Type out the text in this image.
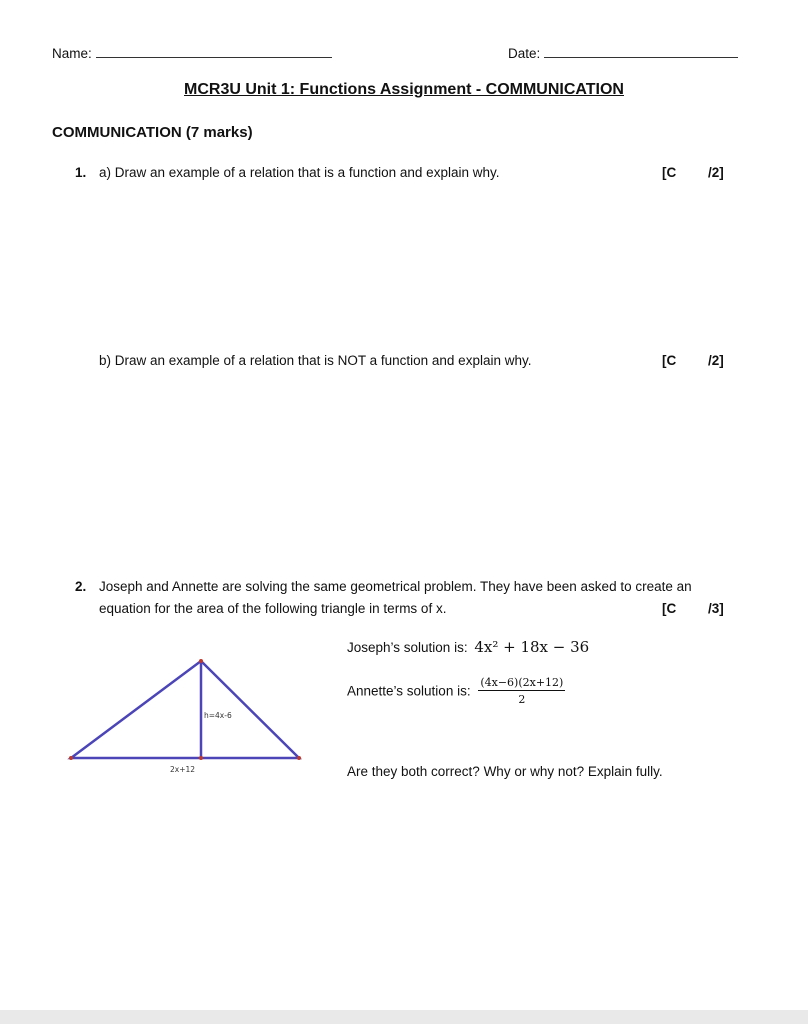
Name:	Date:
MCR3U Unit 1: Functions Assignment - COMMUNICATION
COMMUNICATION (7 marks)
1. a) Draw an example of a relation that is a function and explain why.	[C /2]
b) Draw an example of a relation that is NOT a function and explain why.	[C /2]
2. Joseph and Annette are solving the same geometrical problem. They have been asked to create an
equation for the area of the following triangle in terms of x.	[C /3]
Joseph’s solution is: 4x² + 18x − 36
Annette’s solution is: $\frac{(4x-6)(2x+12)}{2}$
Are they both correct? Why or why not? Explain fully.
h=4x-6
2x+12
